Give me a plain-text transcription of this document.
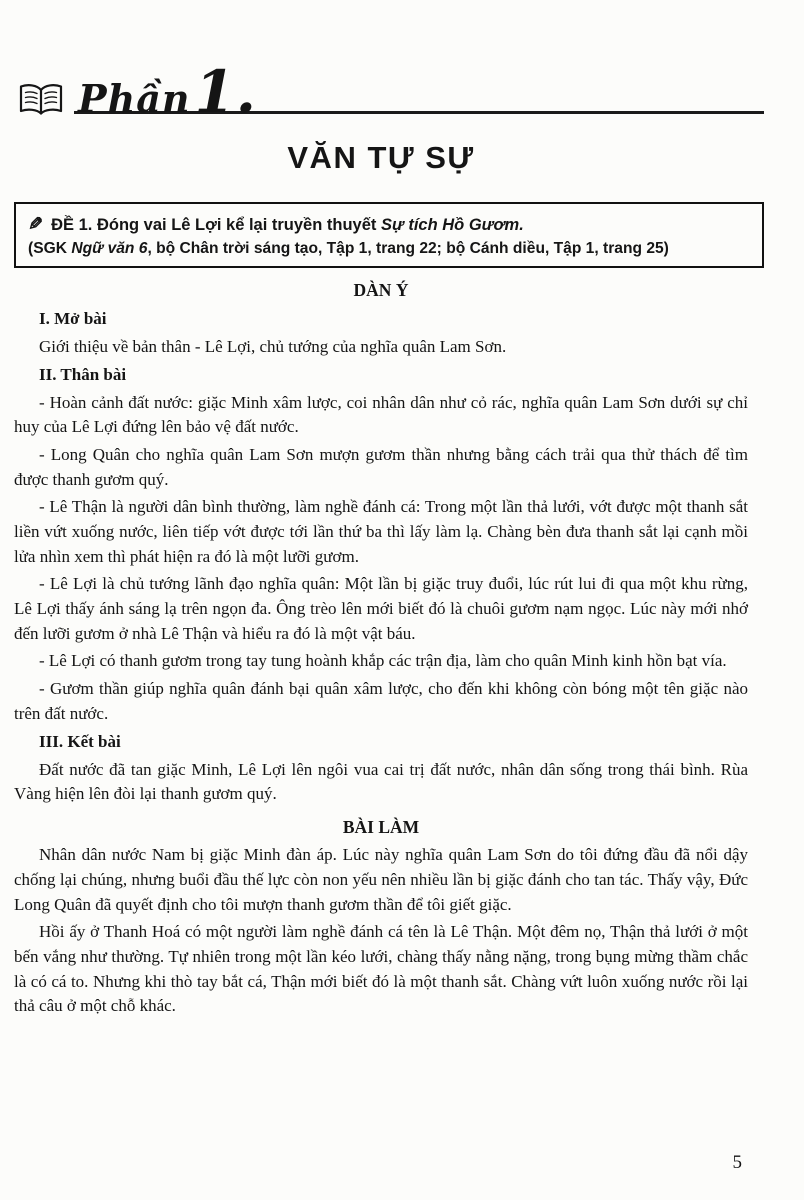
Phần 1.
VĂN TỰ SỰ

✎ ĐỀ 1. Đóng vai Lê Lợi kể lại truyền thuyết Sự tích Hồ Gươm.

(SGK Ngữ văn 6, bộ Chân trời sáng tạo, Tập 1, trang 22; bộ Cánh diều, Tập 1, trang 25)

DÀN Ý

I. Mở bài

Giới thiệu về bản thân - Lê Lợi, chủ tướng của nghĩa quân Lam Sơn.

II. Thân bài

- Hoàn cảnh đất nước: giặc Minh xâm lược, coi nhân dân như cỏ rác, nghĩa quân Lam Sơn dưới sự chỉ huy của Lê Lợi đứng lên bảo vệ đất nước.

- Long Quân cho nghĩa quân Lam Sơn mượn gươm thần nhưng bằng cách trải qua thử thách để tìm được thanh gươm quý.

- Lê Thận là người dân bình thường, làm nghề đánh cá: Trong một lần thả lưới, vớt được một thanh sắt liền vứt xuống nước, liên tiếp vớt được tới lần thứ ba thì lấy làm lạ. Chàng bèn đưa thanh sắt lại cạnh mồi lửa nhìn xem thì phát hiện ra đó là một lưỡi gươm.

- Lê Lợi là chủ tướng lãnh đạo nghĩa quân: Một lần bị giặc truy đuổi, lúc rút lui đi qua một khu rừng, Lê Lợi thấy ánh sáng lạ trên ngọn đa. Ông trèo lên mới biết đó là chuôi gươm nạm ngọc. Lúc này mới nhớ đến lưỡi gươm ở nhà Lê Thận và hiểu ra đó là một vật báu.

- Lê Lợi có thanh gươm trong tay tung hoành khắp các trận địa, làm cho quân Minh kinh hồn bạt vía.

- Gươm thần giúp nghĩa quân đánh bại quân xâm lược, cho đến khi không còn bóng một tên giặc nào trên đất nước.

III. Kết bài

Đất nước đã tan giặc Minh, Lê Lợi lên ngôi vua cai trị đất nước, nhân dân sống trong thái bình. Rùa Vàng hiện lên đòi lại thanh gươm quý.

BÀI LÀM

Nhân dân nước Nam bị giặc Minh đàn áp. Lúc này nghĩa quân Lam Sơn do tôi đứng đầu đã nổi dậy chống lại chúng, nhưng buổi đầu thế lực còn non yếu nên nhiều lần bị giặc đánh cho tan tác. Thấy vậy, Đức Long Quân đã quyết định cho tôi mượn thanh gươm thần để tôi giết giặc.

Hồi ấy ở Thanh Hoá có một người làm nghề đánh cá tên là Lê Thận. Một đêm nọ, Thận thả lưới ở một bến vắng như thường. Tự nhiên trong một lần kéo lưới, chàng thấy nằng nặng, trong bụng mừng thầm chắc là có cá to. Nhưng khi thò tay bắt cá, Thận mới biết đó là một thanh sắt. Chàng vứt luôn xuống nước rồi lại thả câu ở một chỗ khác.

5
